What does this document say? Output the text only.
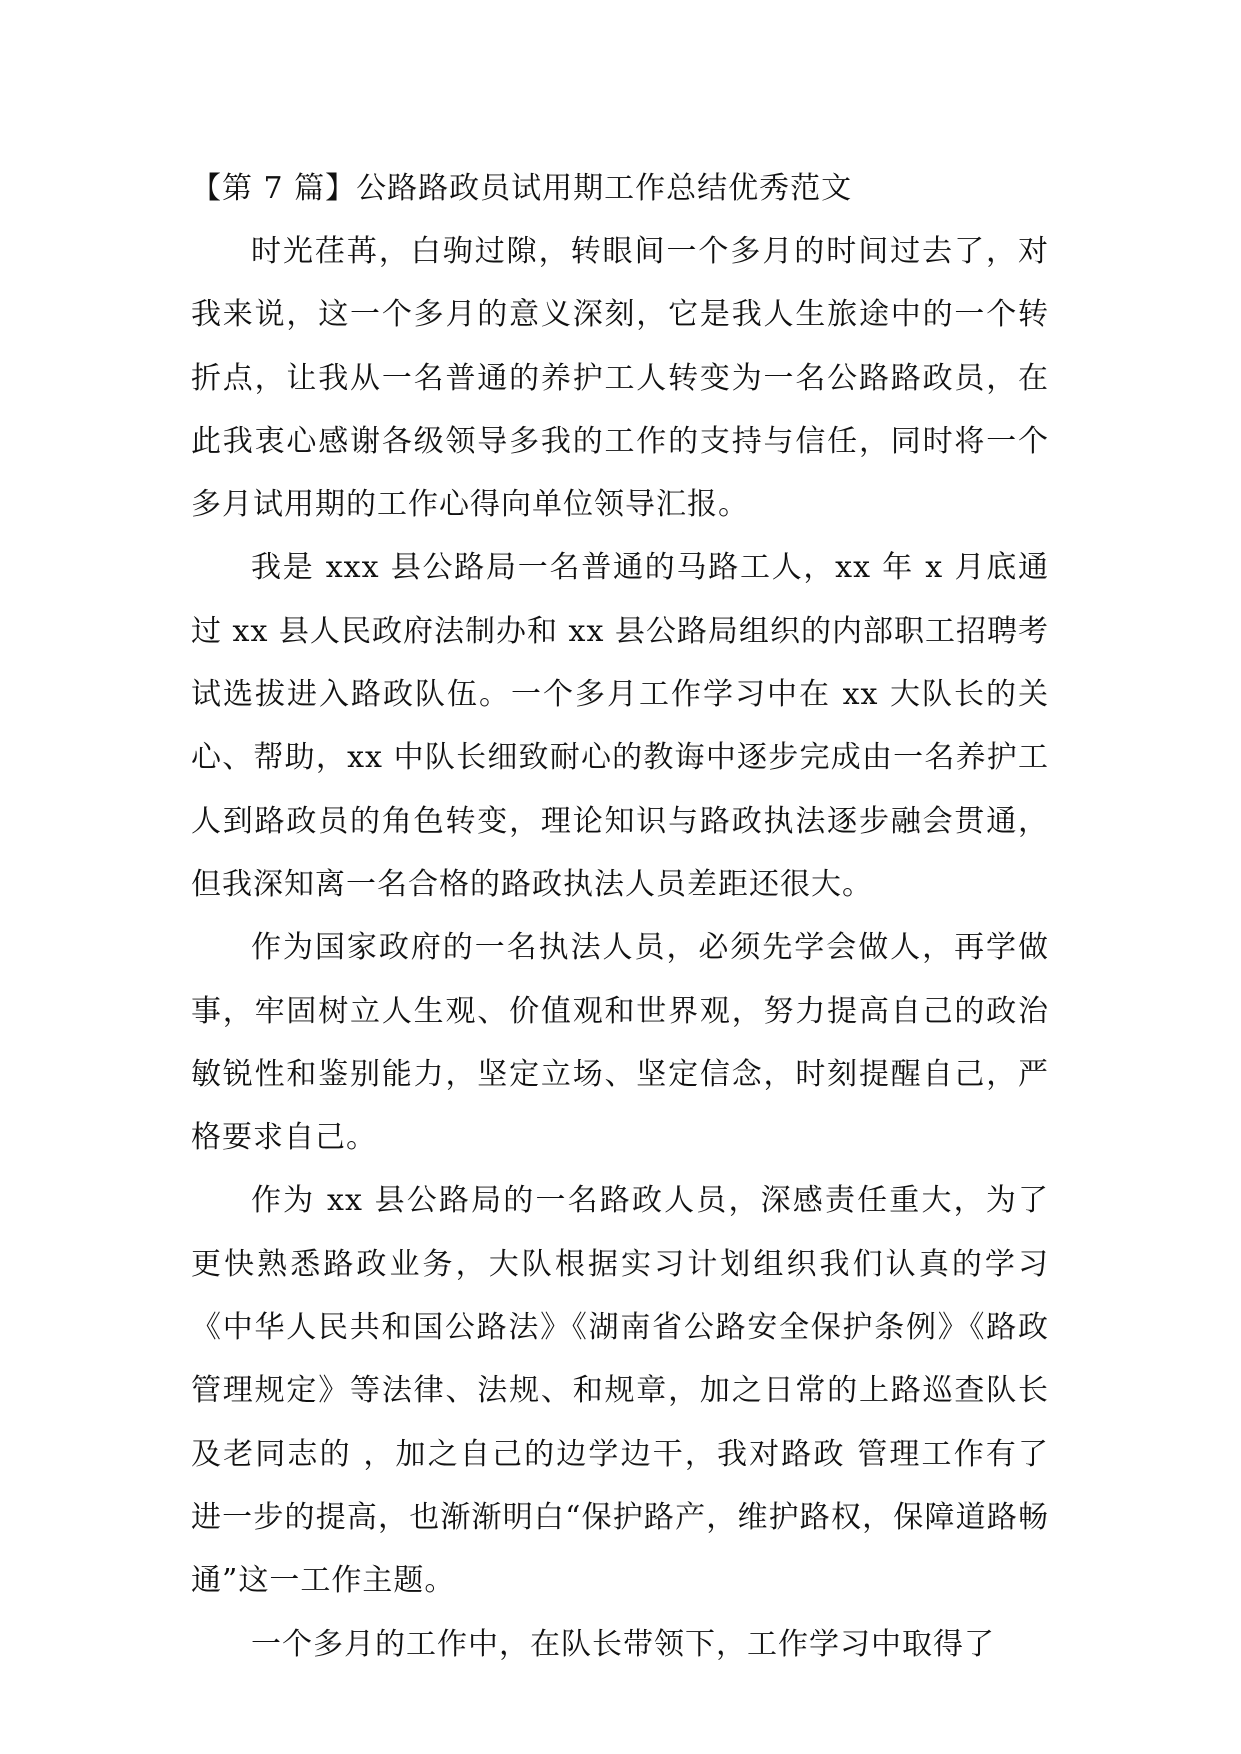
【第 7 篇】公路路政员试用期工作总结优秀范文

时光荏苒，白驹过隙，转眼间一个多月的时间过去了，对我来说，这一个多月的意义深刻，它是我人生旅途中的一个转折点，让我从一名普通的养护工人转变为一名公路路政员，在此我衷心感谢各级领导多我的工作的支持与信任，同时将一个多月试用期的工作心得向单位领导汇报。

我是 xxx 县公路局一名普通的马路工人，xx 年 x 月底通过 xx 县人民政府法制办和 xx 县公路局组织的内部职工招聘考试选拔进入路政队伍。一个多月工作学习中在 xx 大队长的关心、帮助，xx 中队长细致耐心的教诲中逐步完成由一名养护工人到路政员的角色转变，理论知识与路政执法逐步融会贯通，但我深知离一名合格的路政执法人员差距还很大。

作为国家政府的一名执法人员，必须先学会做人，再学做事，牢固树立人生观、价值观和世界观，努力提高自己的政治敏锐性和鉴别能力，坚定立场、坚定信念，时刻提醒自己，严格要求自己。

作为 xx 县公路局的一名路政人员，深感责任重大，为了更快熟悉路政业务，大队根据实习计划组织我们认真的学习《中华人民共和国公路法》《湖南省公路安全保护条例》《路政管理规定》等法律、法规、和规章，加之日常的上路巡查队长及老同志的 ，加之自己的边学边干，我对路政 管理工作有了进一步的提高，也渐渐明白“保护路产，维护路权，保障道路畅通”这一工作主题。

一个多月的工作中，在队长带领下，工作学习中取得了
